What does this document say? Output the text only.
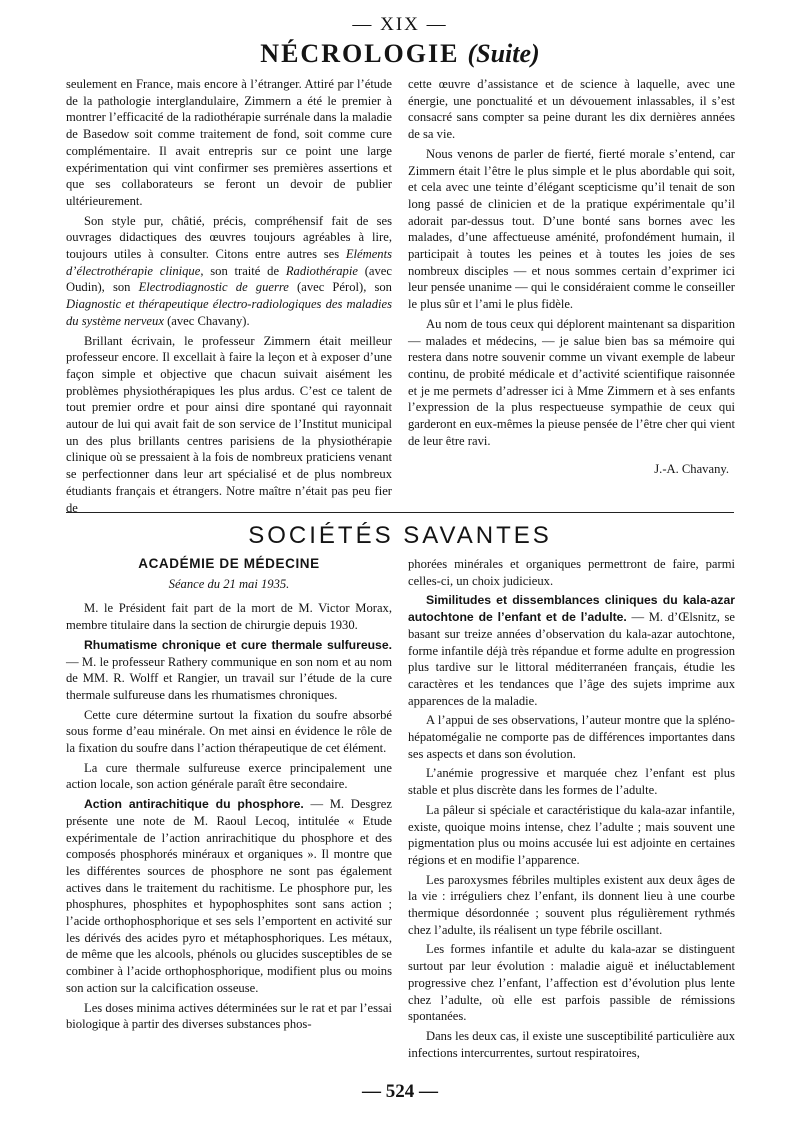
— XIX —
NÉCROLOGIE (Suite)

seulement en France, mais encore à l’étranger. Attiré par l’étude de la pathologie interglandulaire, Zimmern a été le premier à montrer l’efficacité de la radiothérapie surrénale dans la maladie de Basedow soit comme traitement de fond, soit comme cure complémentaire. Il avait entrepris sur ce point une large expérimentation qui vint confirmer ses premières assertions et que ses collaborateurs se feront un devoir de publier ultérieurement.

Son style pur, châtié, précis, compréhensif fait de ses ouvrages didactiques des œuvres toujours agréables à lire, toujours utiles à consulter. Citons entre autres ses Eléments d’électrothérapie clinique, son traité de Radiothérapie (avec Oudin), son Electrodiagnostic de guerre (avec Pérol), son Diagnostic et thérapeutique électro-radiologiques des maladies du système nerveux (avec Chavany).

Brillant écrivain, le professeur Zimmern était meilleur professeur encore. Il excellait à faire la leçon et à exposer d’une façon simple et objective que chacun suivait aisément les problèmes physiothérapiques les plus ardus. C’est ce talent de tout premier ordre et pour ainsi dire spontané qui rayonnait autour de lui qui avait fait de son service de l’Institut municipal un des plus brillants centres parisiens de la physiothérapie clinique où se pressaient à la fois de nombreux praticiens venant se perfectionner dans leur art spécialisé et de plus nombreux étudiants français et étrangers. Notre maître n’était pas peu fier de

cette œuvre d’assistance et de science à laquelle, avec une énergie, une ponctualité et un dévouement inlassables, il s’est consacré sans compter sa peine durant les dix dernières années de sa vie.

Nous venons de parler de fierté, fierté morale s’entend, car Zimmern était l’être le plus simple et le plus abordable qui soit, et cela avec une teinte d’élégant scepticisme qu’il tenait de son long passé de clinicien et de la pratique expérimentale qu’il adorait par-dessus tout. D’une bonté sans bornes avec les malades, d’une affectueuse aménité, profondément humain, il participait à toutes les peines et à toutes les joies de ses nombreux disciples — et nous sommes certain d’exprimer ici leur pensée unanime — qui le considéraient comme le conseiller le plus sûr et l’ami le plus fidèle.

Au nom de tous ceux qui déplorent maintenant sa disparition — malades et médecins, — je salue bien bas sa mémoire qui restera dans notre souvenir comme un vivant exemple de labeur continu, de probité médicale et d’activité scientifique raisonnée et je me permets d’adresser ici à Mme Zimmern et à ses enfants l’expression de la plus respectueuse sympathie de ceux qui garderont en eux-mêmes la pieuse pensée de l’être cher qui vient de leur être ravi.

J.-A. Chavany.

SOCIÉTÉS SAVANTES

ACADÉMIE DE MÉDECINE

Séance du 21 mai 1935.

M. le Président fait part de la mort de M. Victor Morax, membre titulaire dans la section de chirurgie depuis 1930.

Rhumatisme chronique et cure thermale sulfureuse. — M. le professeur Rathery communique en son nom et au nom de MM. R. Wolff et Rangier, un travail sur l’étude de la cure thermale sulfureuse dans les rhumatismes chroniques.

Cette cure détermine surtout la fixation du soufre absorbé sous forme d’eau minérale. On met ainsi en évidence le rôle de la fixation du soufre dans l’action thérapeutique de cet élément.

La cure thermale sulfureuse exerce principalement une action locale, son action générale paraît être secondaire.

Action antirachitique du phosphore. — M. Desgrez présente une note de M. Raoul Lecoq, intitulée « Etude expérimentale de l’action anrirachitique du phosphore et des composés phosphorés minéraux et organiques ». Il montre que les différentes sources de phosphore ne sont pas également actives dans le traitement du rachitisme. Le phosphore pur, les phosphures, phosphites et hypophosphites sont sans action ; l’acide orthophosphorique et ses sels l’emportent en activité sur les dérivés des acides pyro et métaphosphoriques. Les métaux, de même que les alcools, phénols ou glucides susceptibles de se combiner à l’acide orthophosphorique, modifient plus ou moins son action sur la calcification osseuse.

Les doses minima actives déterminées sur le rat et par l’essai biologique à partir des diverses substances phos-

phorées minérales et organiques permettront de faire, parmi celles-ci, un choix judicieux.

Similitudes et dissemblances cliniques du kala-azar autochtone de l’enfant et de l’adulte. — M. d’Œlsnitz, se basant sur treize années d’observation du kala-azar autochtone, forme infantile déjà très répandue et forme adulte en progression plus tardive sur le littoral méditerranéen français, étudie les caractères et les tendances que l’âge des sujets imprime aux apparences de la maladie.

A l’appui de ses observations, l’auteur montre que la spléno-hépatomégalie ne comporte pas de différences importantes dans ses aspects et dans son évolution.

L’anémie progressive et marquée chez l’enfant est plus stable et plus discrète dans les formes de l’adulte.

La pâleur si spéciale et caractéristique du kala-azar infantile, existe, quoique moins intense, chez l’adulte ; mais souvent une pigmentation plus ou moins accusée lui est adjointe en certaines régions et en modifie l’apparence.

Les paroxysmes fébriles multiples existent aux deux âges de la vie : irréguliers chez l’enfant, ils donnent lieu à une courbe thermique désordonnée ; souvent plus régulièrement rythmés chez l’adulte, ils réalisent un type fébrile oscillant.

Les formes infantile et adulte du kala-azar se distinguent surtout par leur évolution : maladie aiguë et inéluctablement progressive chez l’enfant, l’affection est d’évolution plus lente chez l’adulte, où elle est parfois passible de rémissions spontanées.

Dans les deux cas, il existe une susceptibilité particulière aux infections intercurrentes, surtout respiratoires,

— 524 —
